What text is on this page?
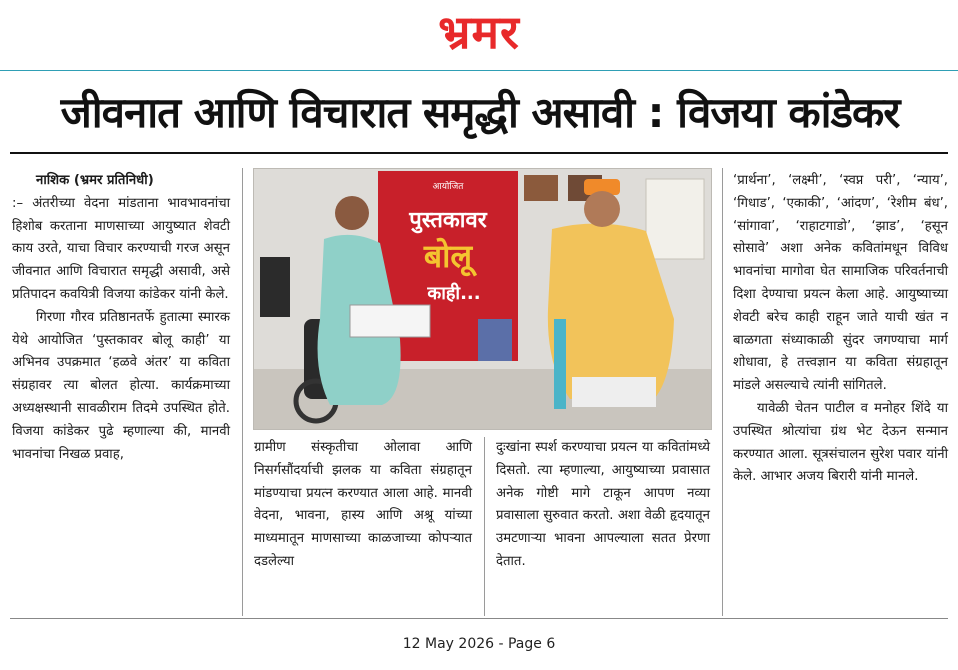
भ्रमर
जीवनात आणि विचारात समृद्धी असावी : विजया कांडेकर

नाशिक (भ्रमर प्रतिनिधी)

:– अंतरीच्या वेदना मांडताना भावभावनांचा हिशोब करताना माणसाच्या आयुष्यात शेवटी काय उरते, याचा विचार करण्याची गरज असून जीवनात आणि विचारात समृद्धी असावी, असे प्रतिपादन कवयित्री विजया कांडेकर यांनी केले.

गिरणा गौरव प्रतिष्ठानतर्फे हुतात्मा स्मारक येथे आयोजित ‘पुस्तकावर बोलू काही’ या अभिनव उपक्रमात ‘हळवे अंतर’ या कविता संग्रहावर त्या बोलत होत्या. कार्यक्रमाच्या अध्यक्षस्थानी सावळीराम तिदमे उपस्थित होते. विजया कांडेकर पुढे म्हणाल्या की, मानवी भावनांचा निखळ प्रवाह,

आयोजित
पुस्तकावर
बोलू
काही...

ग्रामीण संस्कृतीचा ओलावा आणि निसर्गसौंदर्याची झलक या कविता संग्रहातून मांडण्याचा प्रयत्न करण्यात आला आहे. मानवी वेदना, भावना, हास्य आणि अश्रू यांच्या माध्यमातून माणसाच्या काळजाच्या कोपऱ्यात दडलेल्या

दुःखांना स्पर्श करण्याचा प्रयत्न या कवितांमध्ये दिसतो. त्या म्हणाल्या, आयुष्याच्या प्रवासात अनेक गोष्टी मागे टाकून आपण नव्या प्रवासाला सुरुवात करतो. अशा वेळी हृदयातून उमटणाऱ्या भावना आपल्याला सतत प्रेरणा देतात.

‘प्रार्थना’, ‘लक्ष्मी’, ‘स्वप्न परी’, ‘न्याय’, ‘गिधाड’, ‘एकाकी’, ‘आंदण’, ‘रेशीम बंध’, ‘सांगावा’, ‘राहाटगाडो’, ‘झाड’, ‘हसून सोसावे’ अशा अनेक कवितांमधून विविध भावनांचा मागोवा घेत सामाजिक परिवर्तनाची दिशा देण्याचा प्रयत्न केला आहे. आयुष्याच्या शेवटी बरेच काही राहून जाते याची खंत न बाळगता संध्याकाळी सुंदर जगण्याचा मार्ग शोधावा, हे तत्त्वज्ञान या कविता संग्रहातून मांडले असल्याचे त्यांनी सांगितले.

यावेळी चेतन पाटील व मनोहर शिंदे या उपस्थित श्रोत्यांचा ग्रंथ भेट देऊन सन्मान करण्यात आला. सूत्रसंचालन सुरेश पवार यांनी केले. आभार अजय बिरारी यांनी मानले.

12 May 2026 - Page 6
